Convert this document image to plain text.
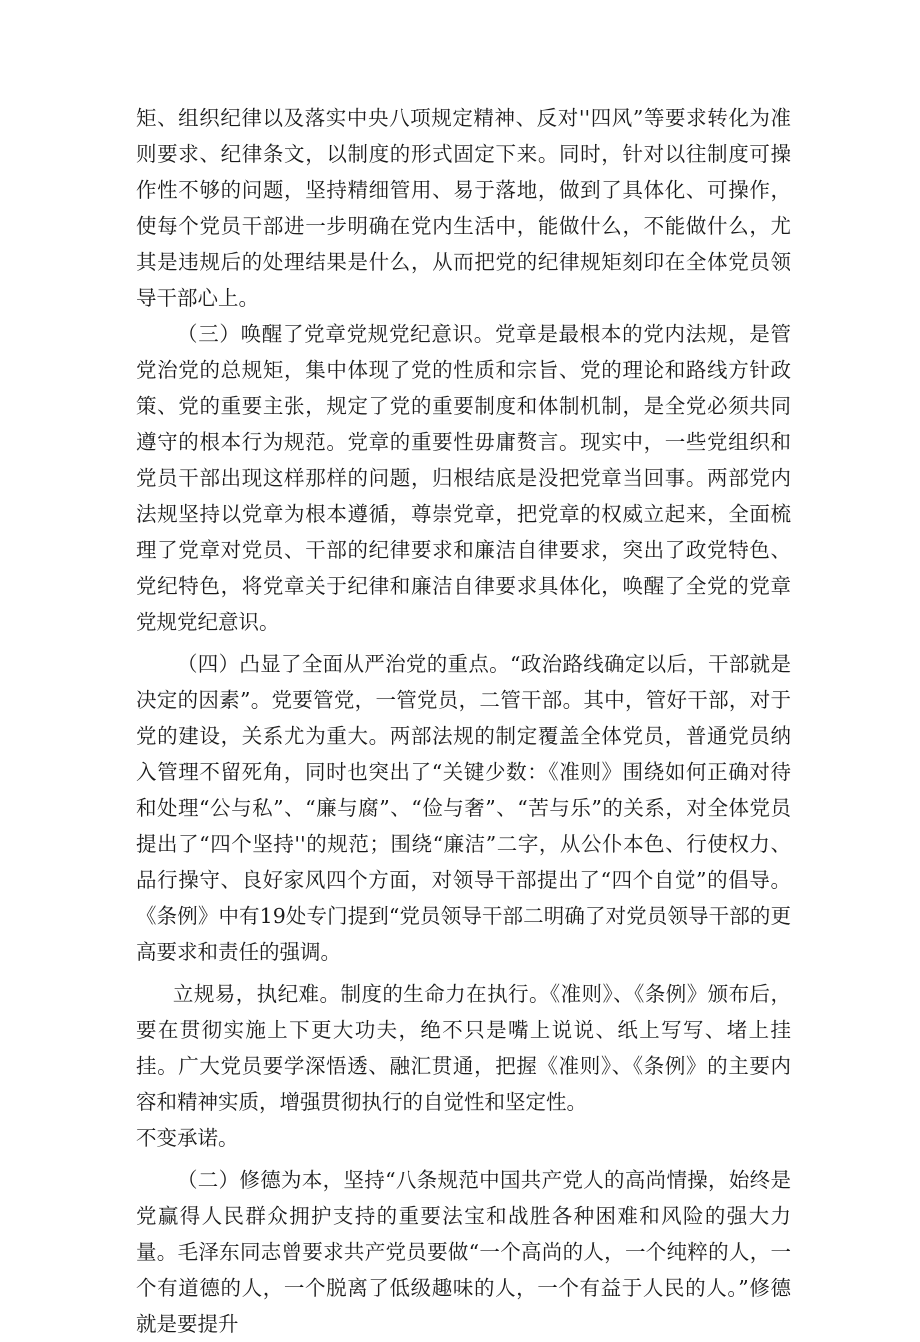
矩、组织纪律以及落实中央八项规定精神、反对''四风”等要求转化为准则要求、纪律条文，以制度的形式固定下来。同时，针对以往制度可操作性不够的问题，坚持精细管用、易于落地，做到了具体化、可操作，使每个党员干部进一步明确在党内生活中，能做什么，不能做什么，尤其是违规后的处理结果是什么，从而把党的纪律规矩刻印在全体党员领导干部心上。

（三）唤醒了党章党规党纪意识。党章是最根本的党内法规，是管党治党的总规矩，集中体现了党的性质和宗旨、党的理论和路线方针政策、党的重要主张，规定了党的重要制度和体制机制，是全党必须共同遵守的根本行为规范。党章的重要性毋庸赘言。现实中，一些党组织和党员干部出现这样那样的问题，归根结底是没把党章当回事。两部党内法规坚持以党章为根本遵循，尊崇党章，把党章的权威立起来，全面梳理了党章对党员、干部的纪律要求和廉洁自律要求，突出了政党特色、党纪特色，将党章关于纪律和廉洁自律要求具体化，唤醒了全党的党章党规党纪意识。

（四）凸显了全面从严治党的重点。“政治路线确定以后，干部就是决定的因素”。党要管党，一管党员，二管干部。其中，管好干部，对于党的建设，关系尤为重大。两部法规的制定覆盖全体党员，普通党员纳入管理不留死角，同时也突出了“关键少数：《准则》围绕如何正确对待和处理“公与私”、“廉与腐”、“俭与奢”、“苦与乐”的关系，对全体党员提出了“四个坚持''的规范；围绕“廉洁”二字，从公仆本色、行使权力、品行操守、良好家风四个方面，对领导干部提出了“四个自觉”的倡导。《条例》中有19处专门提到“党员领导干部二明确了对党员领导干部的更高要求和责任的强调。

立规易，执纪难。制度的生命力在执行。《准则》、《条例》颁布后，要在贯彻实施上下更大功夫，绝不只是嘴上说说、纸上写写、堵上挂挂。广大党员要学深悟透、融汇贯通，把握《准则》、《条例》的主要内容和精神实质，增强贯彻执行的自觉性和坚定性。

不变承诺。

（二）修德为本，坚持“八条规范中国共产党人的高尚情操，始终是党赢得人民群众拥护支持的重要法宝和战胜各种困难和风险的强大力量。毛泽东同志曾要求共产党员要做“一个高尚的人，一个纯粹的人，一个有道德的人，一个脱离了低级趣味的人，一个有益于人民的人。”修德就是要提升
